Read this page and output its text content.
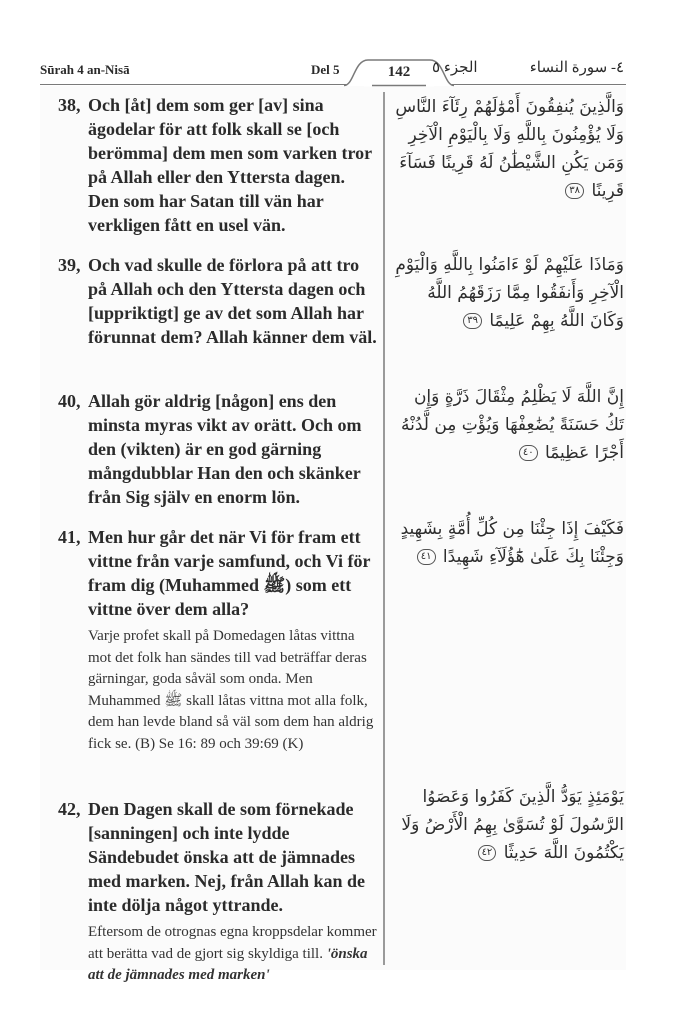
Sūrah 4 an-Nisā	Del 5	142	الجزء ٥	٤- سورة النساء
38, Och [åt] dem som ger [av] sina ägodelar för att folk skall se [och berömma] dem men som varken tror på Allah eller den Yttersta dagen. Den som har Satan till vän har verkligen fått en usel vän.
39, Och vad skulle de förlora på att tro på Allah och den Yttersta dagen och [uppriktigt] ge av det som Allah har förunnat dem? Allah känner dem väl.
40, Allah gör aldrig [någon] ens den minsta myras vikt av orätt. Och om den (vikten) är en god gärning mångdubblar Han den och skänker från Sig själv en enorm lön.
41, Men hur går det när Vi för fram ett vittne från varje samfund, och Vi för fram dig (Muhammed ﷺ) som ett vittne över dem alla?
Varje profet skall på Domedagen låtas vittna mot det folk han sändes till vad beträffar deras gärningar, goda såväl som onda. Men Muhammed ﷺ skall låtas vittna mot alla folk, dem han levde bland så väl som dem han aldrig fick se. (B) Se 16: 89 och 39:69 (K)
42, Den Dagen skall de som förnekade [sanningen] och inte lydde Sändebudet önska att de jämnades med marken. Nej, från Allah kan de inte dölja något yttrande.
Eftersom de otrognas egna kroppsdelar kommer att berätta vad de gjort sig skyldiga till. 'önska att de jämnades med marken'
وَالَّذِينَ يُنفِقُونَ أَمْوَٰلَهُمْ رِئَآءَ النَّاسِ وَلَا يُؤْمِنُونَ بِاللَّهِ وَلَا بِالْيَوْمِ الْآخِرِ وَمَن يَكُنِ الشَّيْطَٰنُ لَهُ قَرِينًا فَسَآءَ قَرِينًا ٣٨
وَمَاذَا عَلَيْهِمْ لَوْ ءَامَنُوا بِاللَّهِ وَالْيَوْمِ الْآخِرِ وَأَنفَقُوا مِمَّا رَزَقَهُمُ اللَّهُ وَكَانَ اللَّهُ بِهِمْ عَلِيمًا ٣٩
إِنَّ اللَّهَ لَا يَظْلِمُ مِثْقَالَ ذَرَّةٍ وَإِن تَكُ حَسَنَةً يُضَٰعِفْهَا وَيُؤْتِ مِن لَّدُنْهُ أَجْرًا عَظِيمًا ٤٠
فَكَيْفَ إِذَا جِئْنَا مِن كُلِّ أُمَّةٍ بِشَهِيدٍ وَجِئْنَا بِكَ عَلَىٰ هَٰٓؤُلَآءِ شَهِيدًا ٤١
يَوْمَئِذٍ يَوَدُّ الَّذِينَ كَفَرُوا وَعَصَوُا الرَّسُولَ لَوْ تُسَوَّىٰ بِهِمُ الْأَرْضُ وَلَا يَكْتُمُونَ اللَّهَ حَدِيثًا ٤٢
